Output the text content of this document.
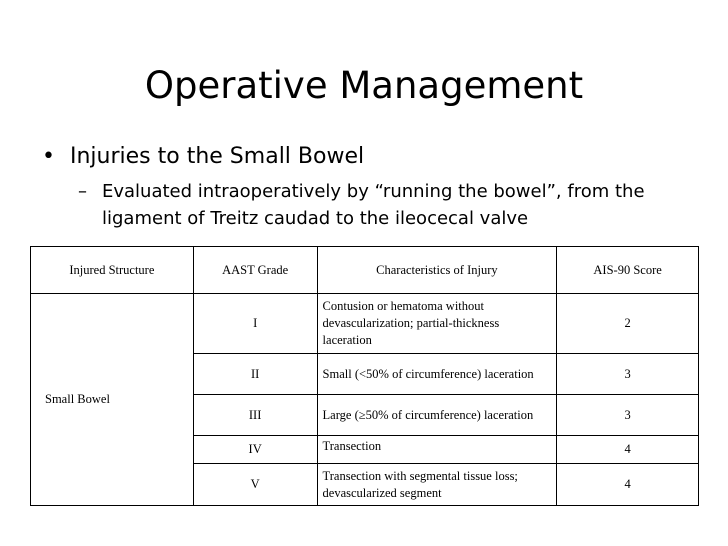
Operative Management
• Injuries to the Small Bowel
– Evaluated intraoperatively by “running the bowel”, from the ligament of Treitz caudad to the ileocecal valve
Injured Structure	AAST Grade	Characteristics of Injury	AIS-90 Score
Small Bowel	I	Contusion or hematoma without devascularization; partial-thickness laceration	2
	II	Small (<50% of circumference) laceration	3
	III	Large (≥50% of circumference) laceration	3
	IV	Transection	4
	V	Transection with segmental tissue loss; devascularized segment	4
